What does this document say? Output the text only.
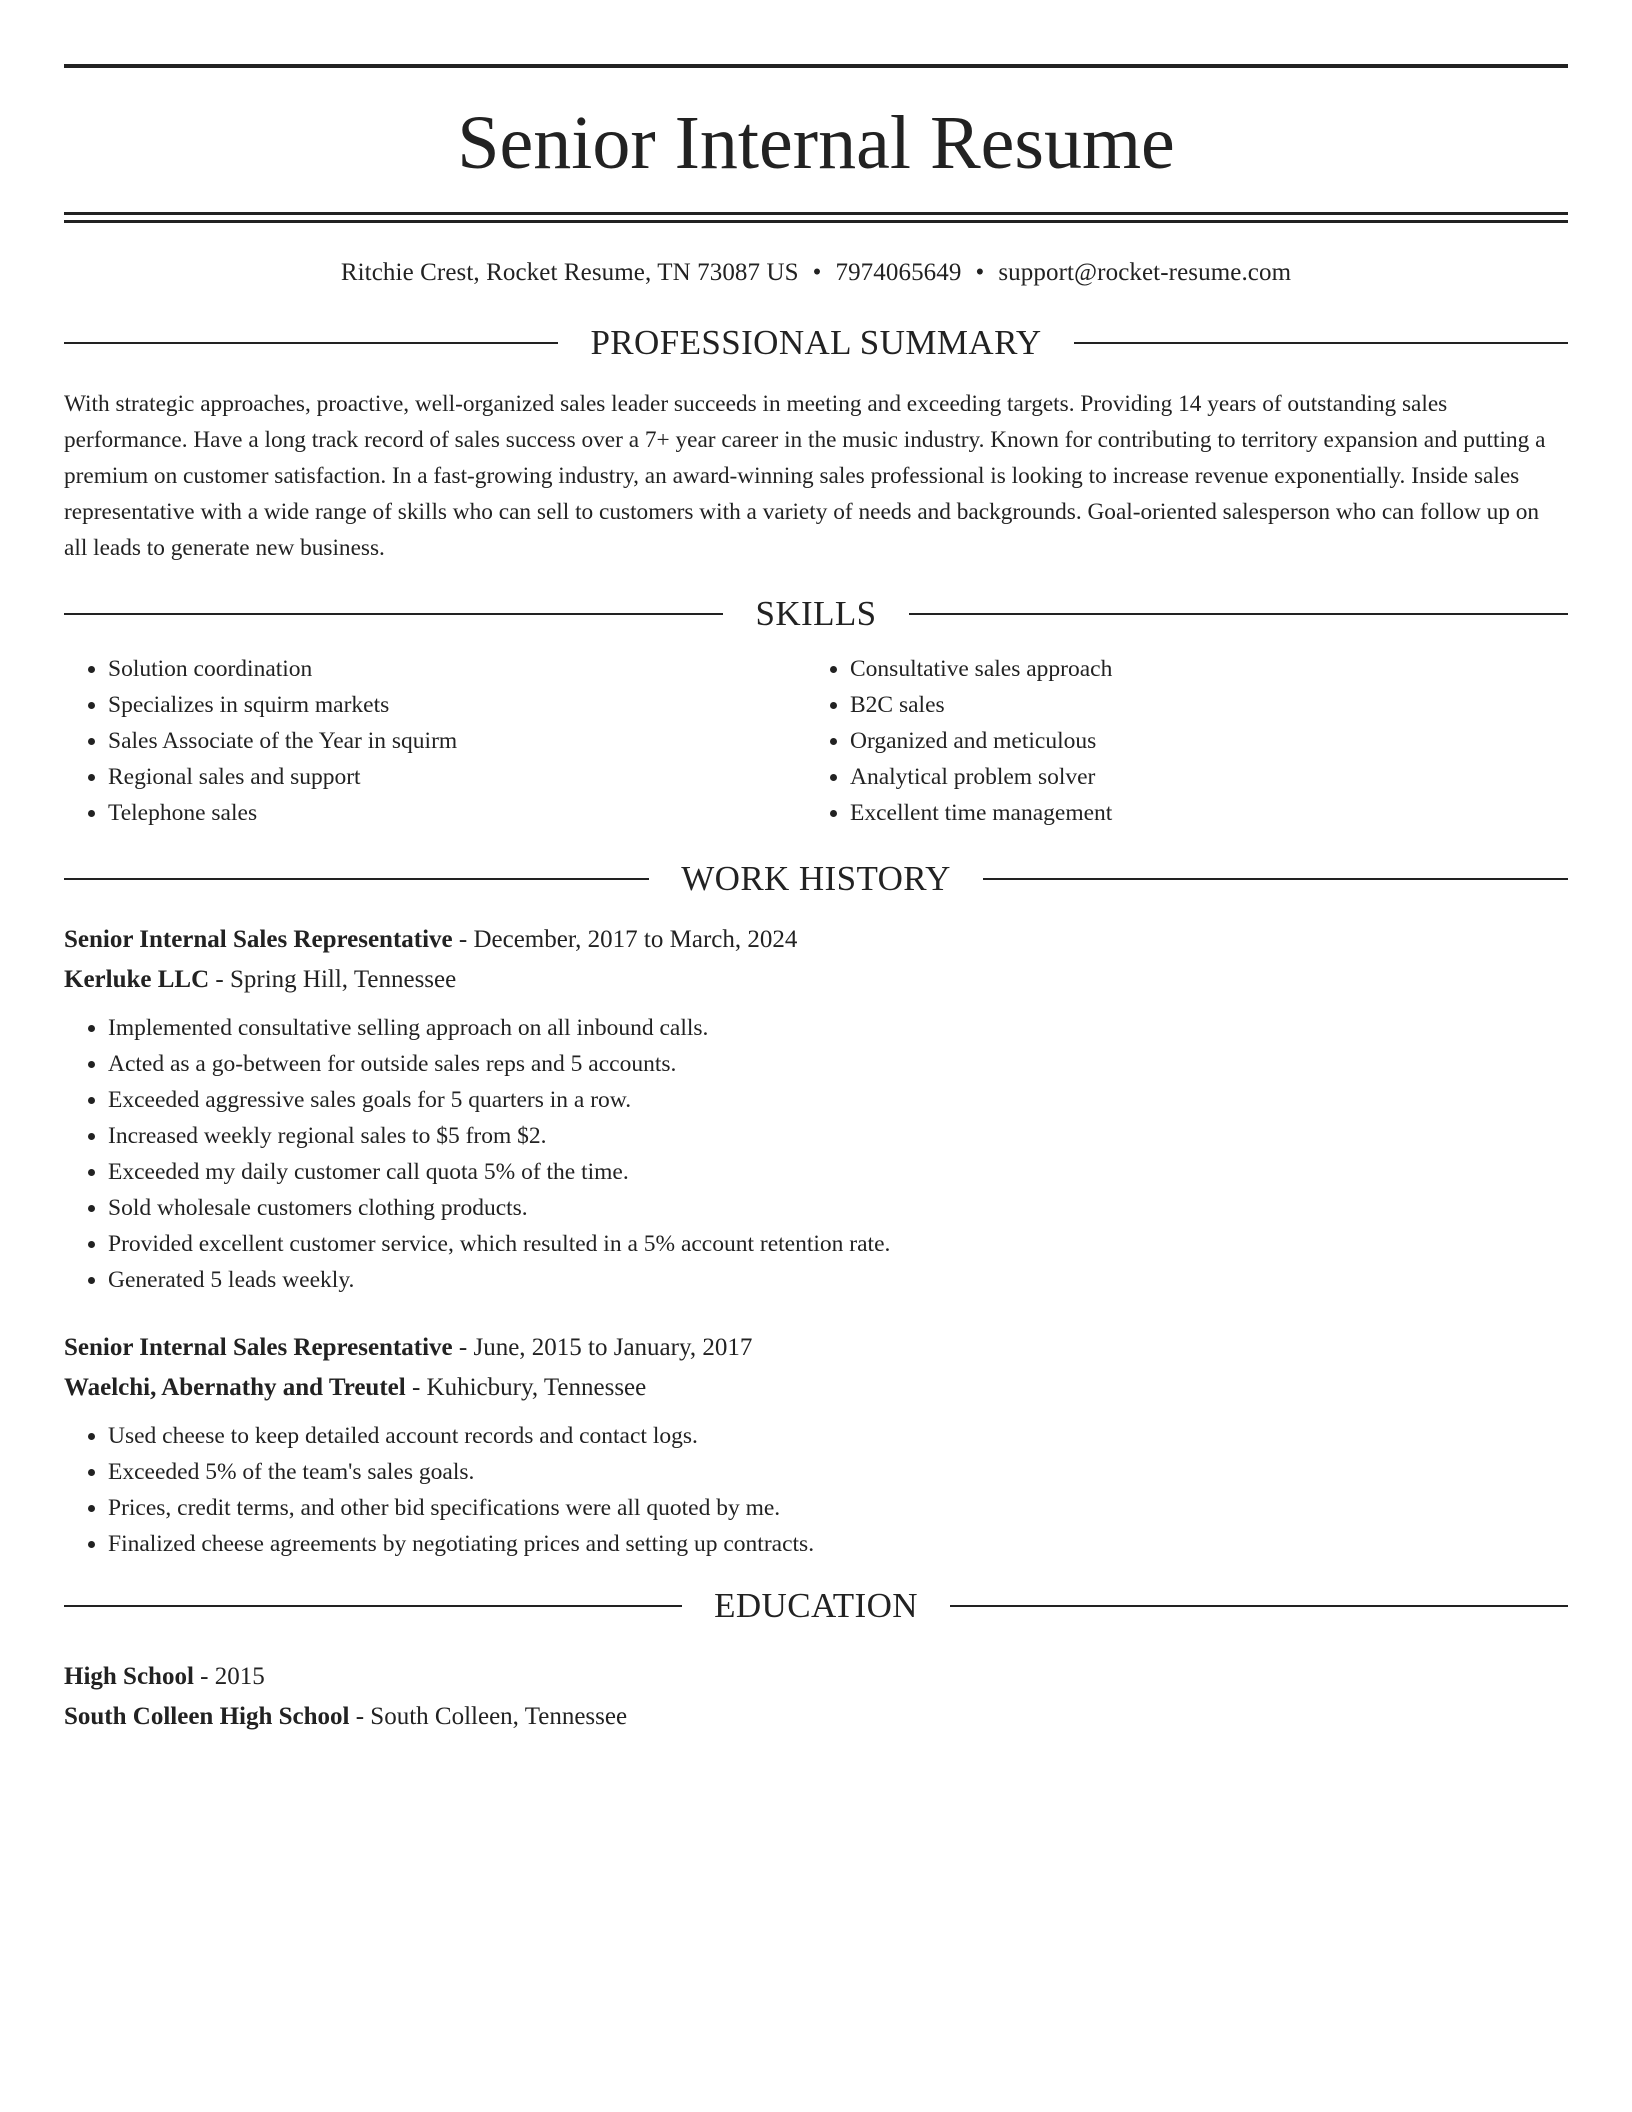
Senior Internal Resume
Ritchie Crest, Rocket Resume, TN 73087 US • 7974065649 • support@rocket-resume.com
PROFESSIONAL SUMMARY

With strategic approaches, proactive, well-organized sales leader succeeds in meeting and exceeding targets. Providing 14 years of outstanding sales performance. Have a long track record of sales success over a 7+ year career in the music industry. Known for contributing to territory expansion and putting a premium on customer satisfaction. In a fast-growing industry, an award-winning sales professional is looking to increase revenue exponentially. Inside sales representative with a wide range of skills who can sell to customers with a variety of needs and backgrounds. Goal-oriented salesperson who can follow up on all leads to generate new business.

SKILLS
• Solution coordination
• Specializes in squirm markets
• Sales Associate of the Year in squirm
• Regional sales and support
• Telephone sales
• Consultative sales approach
• B2C sales
• Organized and meticulous
• Analytical problem solver
• Excellent time management
WORK HISTORY
Senior Internal Sales Representative - December, 2017 to March, 2024
Kerluke LLC - Spring Hill, Tennessee
• Implemented consultative selling approach on all inbound calls.
• Acted as a go-between for outside sales reps and 5 accounts.
• Exceeded aggressive sales goals for 5 quarters in a row.
• Increased weekly regional sales to $5 from $2.
• Exceeded my daily customer call quota 5% of the time.
• Sold wholesale customers clothing products.
• Provided excellent customer service, which resulted in a 5% account retention rate.
• Generated 5 leads weekly.
Senior Internal Sales Representative - June, 2015 to January, 2017
Waelchi, Abernathy and Treutel - Kuhicbury, Tennessee
• Used cheese to keep detailed account records and contact logs.
• Exceeded 5% of the team's sales goals.
• Prices, credit terms, and other bid specifications were all quoted by me.
• Finalized cheese agreements by negotiating prices and setting up contracts.
EDUCATION
High School - 2015
South Colleen High School - South Colleen, Tennessee
